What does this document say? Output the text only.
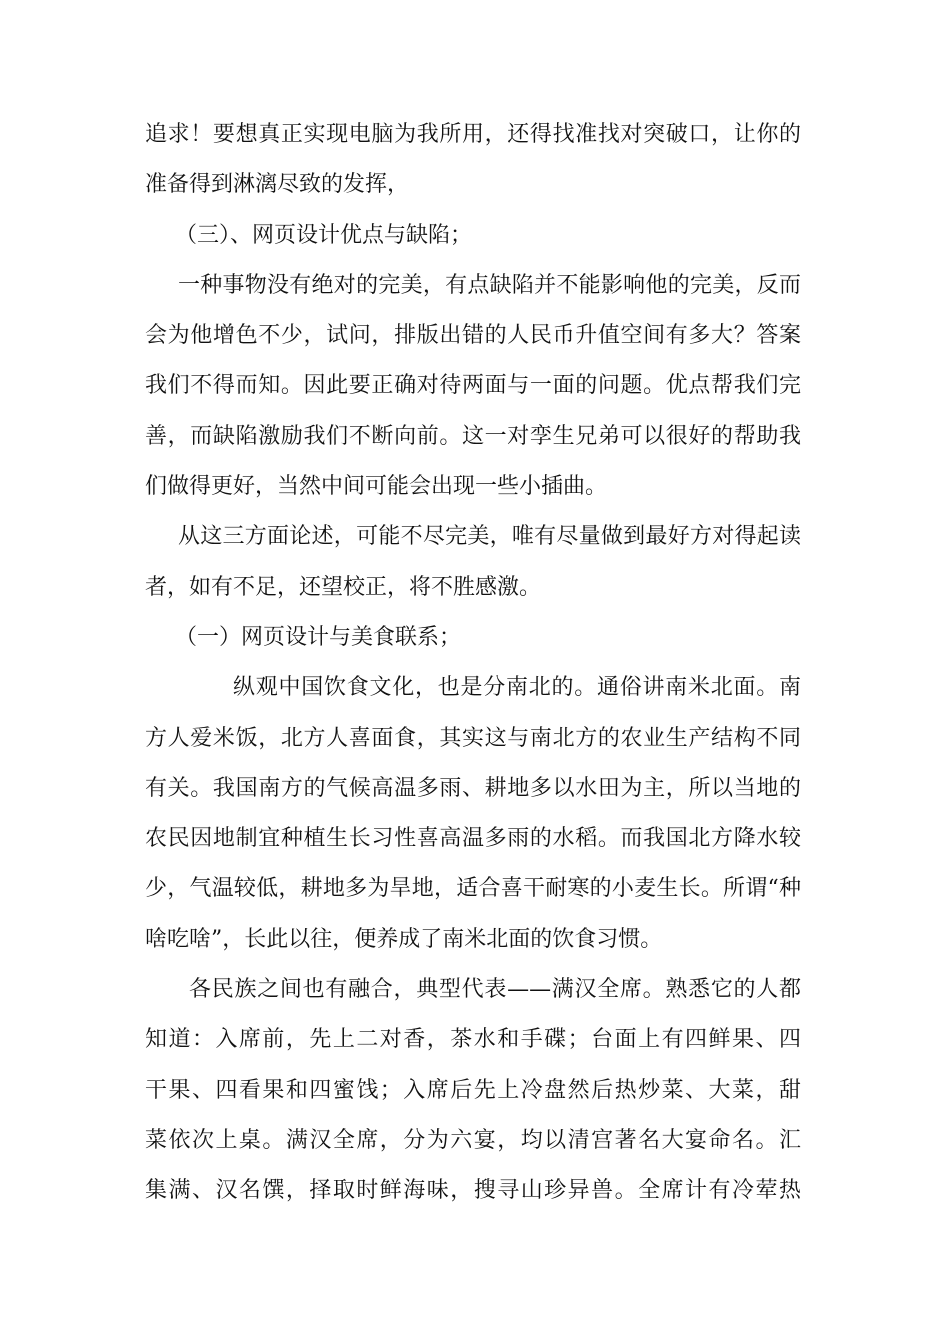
追求！要想真正实现电脑为我所用，还得找准找对突破口，让你的
准备得到淋漓尽致的发挥，
（三）、网页设计优点与缺陷；
一种事物没有绝对的完美，有点缺陷并不能影响他的完美，反而
会为他增色不少，试问，排版出错的人民币升值空间有多大？答案
我们不得而知。因此要正确对待两面与一面的问题。优点帮我们完
善，而缺陷激励我们不断向前。这一对孪生兄弟可以很好的帮助我
们做得更好，当然中间可能会出现一些小插曲。
从这三方面论述，可能不尽完美，唯有尽量做到最好方对得起读
者，如有不足，还望校正，将不胜感激。
（一）网页设计与美食联系；
纵观中国饮食文化，也是分南北的。通俗讲南米北面。南
方人爱米饭，北方人喜面食，其实这与南北方的农业生产结构不同
有关。我国南方的气候高温多雨、耕地多以水田为主，所以当地的
农民因地制宜种植生长习性喜高温多雨的水稻。而我国北方降水较
少，气温较低，耕地多为旱地，适合喜干耐寒的小麦生长。所谓“种
啥吃啥”，长此以往，便养成了南米北面的饮食习惯。
各民族之间也有融合，典型代表——满汉全席。熟悉它的人都
知道：入席前，先上二对香，茶水和手碟；台面上有四鲜果、四
干果、四看果和四蜜饯；入席后先上冷盘然后热炒菜、大菜，甜
菜依次上桌。满汉全席，分为六宴，均以清宫著名大宴命名。汇
集满、汉名馔，择取时鲜海味，搜寻山珍异兽。全席计有冷荤热
